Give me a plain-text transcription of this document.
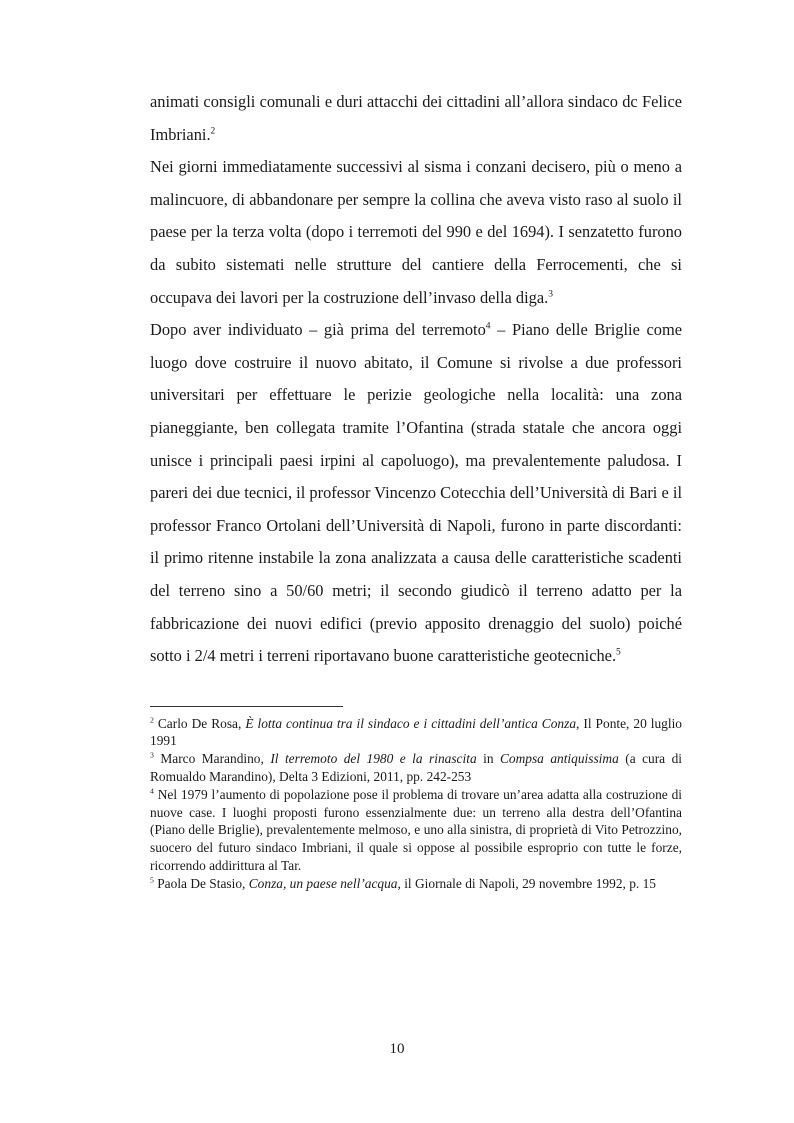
animati consigli comunali e duri attacchi dei cittadini all’allora sindaco dc Felice Imbriani.$^2$

Nei giorni immediatamente successivi al sisma i conzani decisero, più o meno a malincuore, di abbandonare per sempre la collina che aveva visto raso al suolo il paese per la terza volta (dopo i terremoti del 990 e del 1694). I senzatetto furono da subito sistemati nelle strutture del cantiere della Ferrocementi, che si occupava dei lavori per la costruzione dell’invaso della diga.$^3$

Dopo aver individuato – già prima del terremoto$^4$ – Piano delle Briglie come luogo dove costruire il nuovo abitato, il Comune si rivolse a due professori universitari per effettuare le perizie geologiche nella località: una zona pianeggiante, ben collegata tramite l’Ofantina (strada statale che ancora oggi unisce i principali paesi irpini al capoluogo), ma prevalentemente paludosa. I pareri dei due tecnici, il professor Vincenzo Cotecchia dell’Università di Bari e il professor Franco Ortolani dell’Università di Napoli, furono in parte discordanti: il primo ritenne instabile la zona analizzata a causa delle caratteristiche scadenti del terreno sino a 50/60 metri; il secondo giudicò il terreno adatto per la fabbricazione dei nuovi edifici (previo apposito drenaggio del suolo) poiché sotto i 2/4 metri i terreni riportavano buone caratteristiche geotecniche.$^5$

$^2$ Carlo De Rosa, È lotta continua tra il sindaco e i cittadini dell’antica Conza, Il Ponte, 20 luglio 1991

$^3$ Marco Marandino, Il terremoto del 1980 e la rinascita in Compsa antiquissima (a cura di Romualdo Marandino), Delta 3 Edizioni, 2011, pp. 242-253

$^4$ Nel 1979 l’aumento di popolazione pose il problema di trovare un’area adatta alla costruzione di nuove case. I luoghi proposti furono essenzialmente due: un terreno alla destra dell’Ofantina (Piano delle Briglie), prevalentemente melmoso, e uno alla sinistra, di proprietà di Vito Petrozzino, suocero del futuro sindaco Imbriani, il quale si oppose al possibile esproprio con tutte le forze, ricorrendo addirittura al Tar.

$^5$ Paola De Stasio, Conza, un paese nell’acqua, il Giornale di Napoli, 29 novembre 1992, p. 15

10
